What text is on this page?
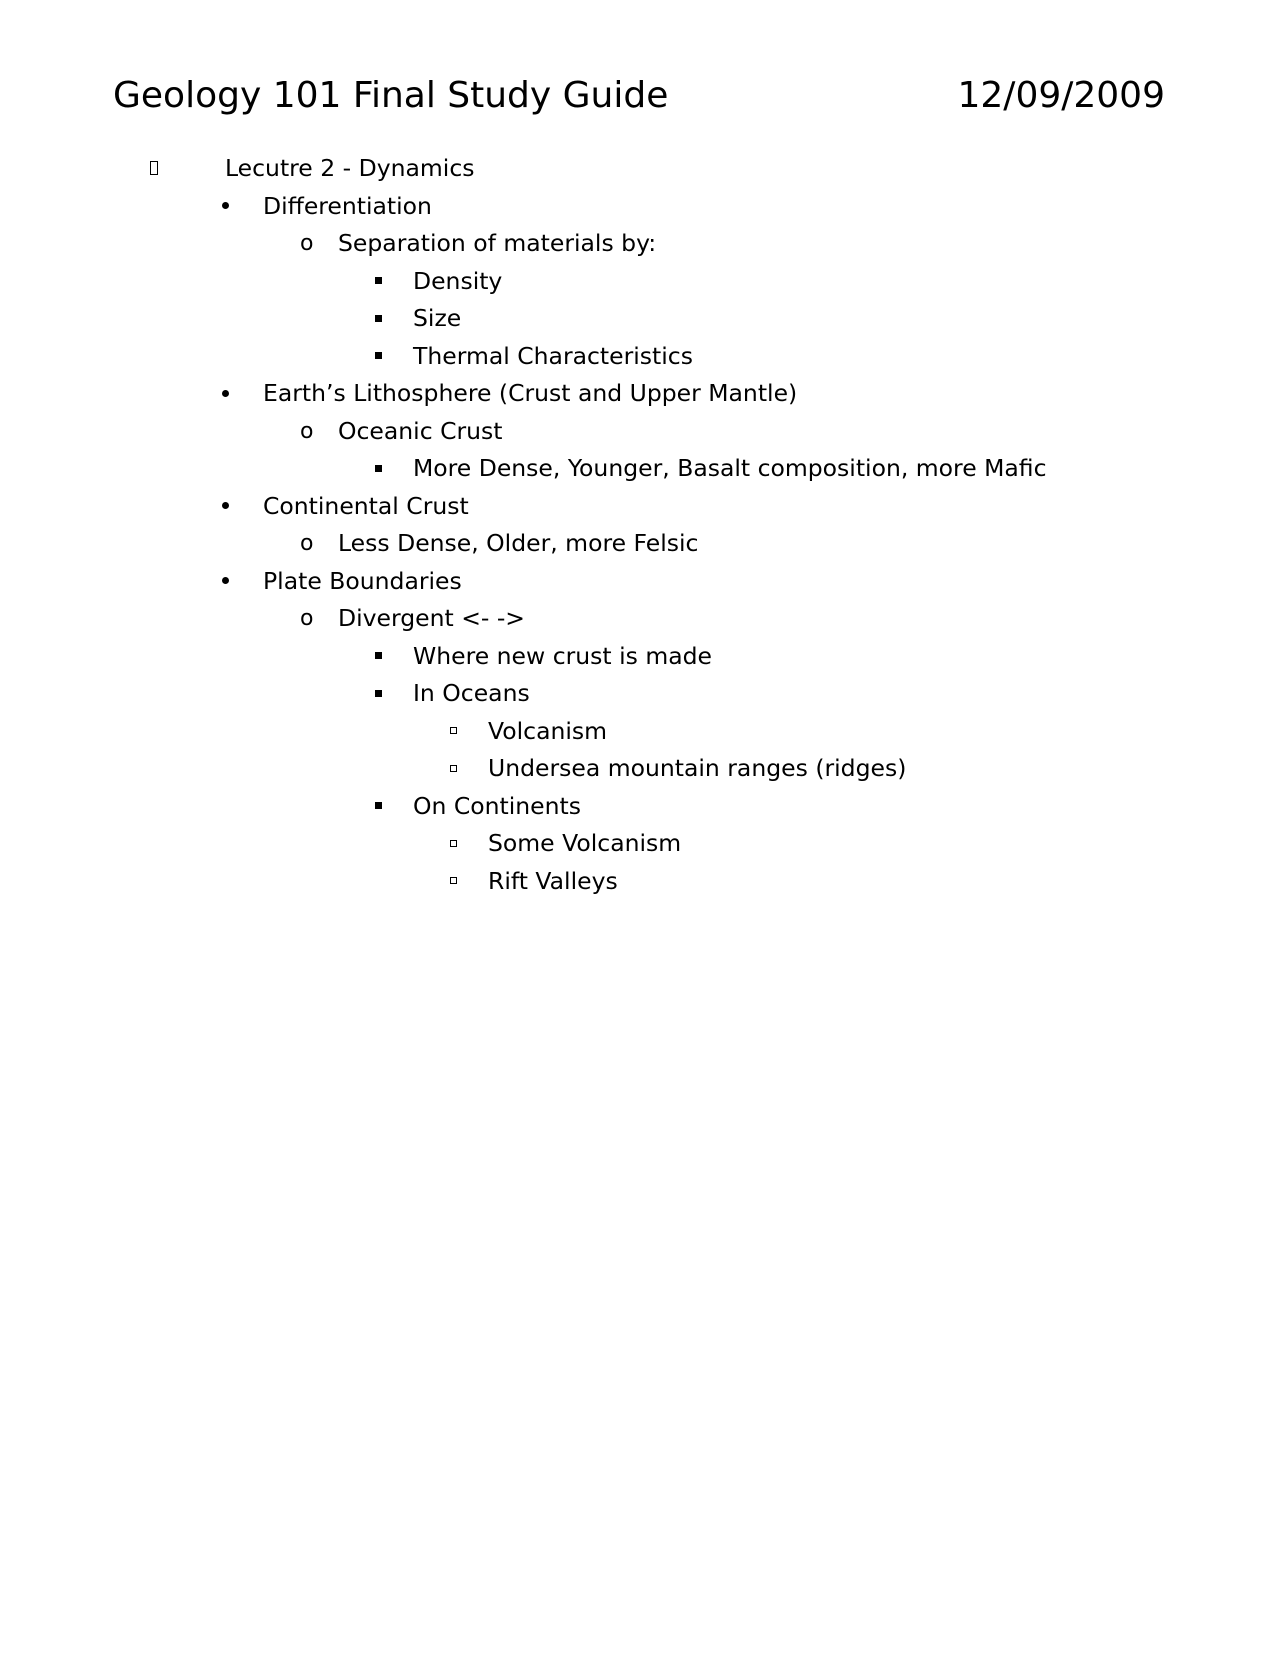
Geology 101 Final Study Guide	12/09/2009
Lecutre 2 - Dynamics
Differentiation
o Separation of materials by:
Density
Size
Thermal Characteristics
Earth’s Lithosphere (Crust and Upper Mantle)
o Oceanic Crust
More Dense, Younger, Basalt composition, more Mafic
Continental Crust
o Less Dense, Older, more Felsic
Plate Boundaries
o Divergent <- ->
Where new crust is made
In Oceans
Volcanism
Undersea mountain ranges (ridges)
On Continents
Some Volcanism
Rift Valleys
